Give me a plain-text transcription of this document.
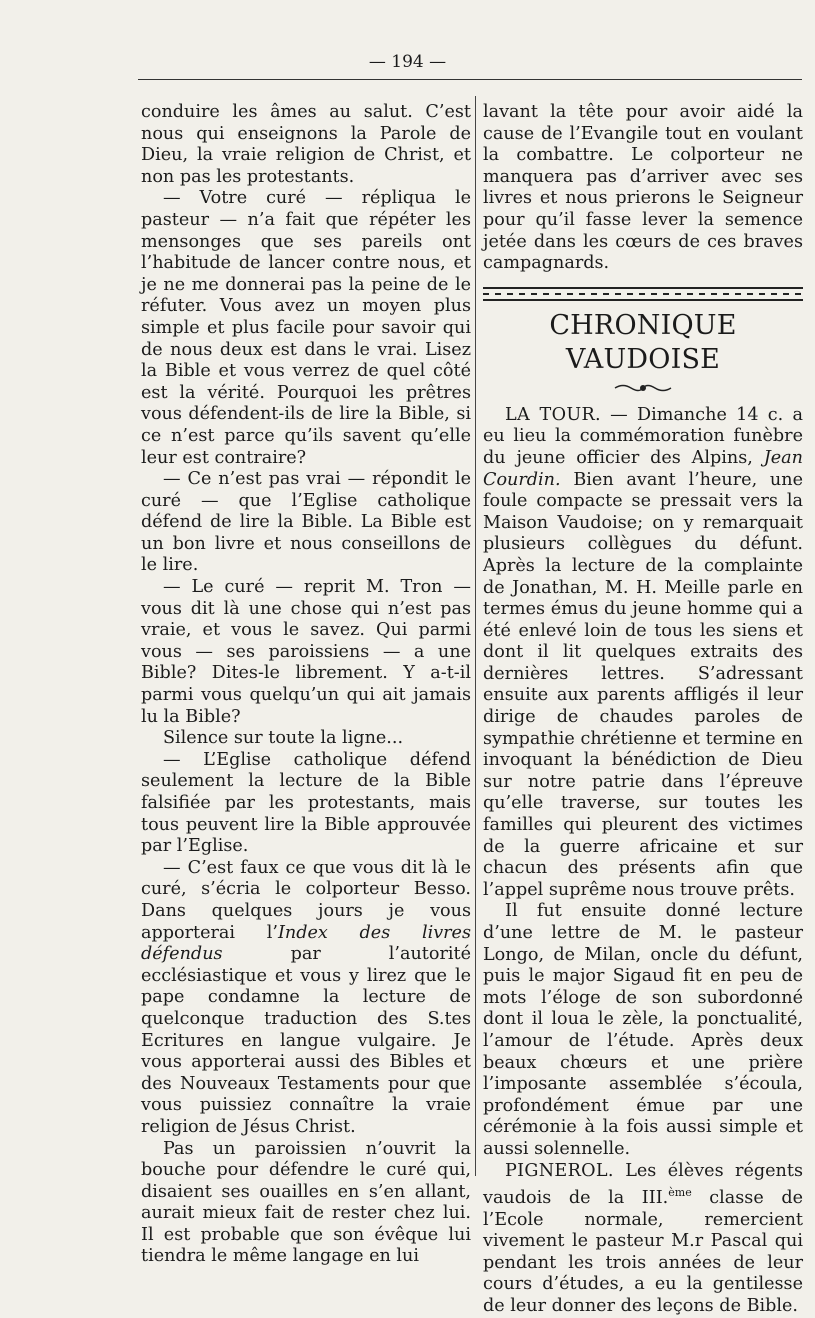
— 194 —

conduire les âmes au salut. C’est nous qui enseignons la Parole de Dieu, la vraie religion de Christ, et non pas les protestants.

— Votre curé — répliqua le pasteur — n’a fait que répéter les mensonges que ses pareils ont l’habitude de lancer contre nous, et je ne me donnerai pas la peine de le réfuter. Vous avez un moyen plus simple et plus facile pour savoir qui de nous deux est dans le vrai. Lisez la Bible et vous verrez de quel côté est la vérité. Pourquoi les prêtres vous défendent-ils de lire la Bible, si ce n’est parce qu’ils savent qu’elle leur est contraire?

— Ce n’est pas vrai — répondit le curé — que l’Eglise catholique défend de lire la Bible. La Bible est un bon livre et nous conseillons de le lire.

— Le curé — reprit M. Tron — vous dit là une chose qui n’est pas vraie, et vous le savez. Qui parmi vous — ses paroissiens — a une Bible? Dites-le librement. Y a-t-il parmi vous quelqu’un qui ait jamais lu la Bible?

Silence sur toute la ligne...

— L’Eglise catholique défend seulement la lecture de la Bible falsifiée par les protestants, mais tous peuvent lire la Bible approuvée par l’Eglise.

— C’est faux ce que vous dit là le curé, s’écria le colporteur Besso. Dans quelques jours je vous apporterai l’Index des livres défendus par l’autorité ecclésiastique et vous y lirez que le pape condamne la lecture de quelconque traduction des S.tes Ecritures en langue vulgaire. Je vous apporterai aussi des Bibles et des Nouveaux Testaments pour que vous puissiez connaître la vraie religion de Jésus Christ.

Pas un paroissien n’ouvrit la bouche pour défendre le curé qui, disaient ses ouailles en s’en allant, aurait mieux fait de rester chez lui. Il est probable que son évêque lui tiendra le même langage en lui

lavant la tête pour avoir aidé la cause de l’Evangile tout en voulant la combattre. Le colporteur ne manquera pas d’arriver avec ses livres et nous prierons le Seigneur pour qu’il fasse lever la semence jetée dans les cœurs de ces braves campagnards.

CHRONIQUE VAUDOISE

LA TOUR. — Dimanche 14 c. a eu lieu la commémoration funèbre du jeune officier des Alpins, Jean Courdin. Bien avant l’heure, une foule compacte se pressait vers la Maison Vaudoise; on y remarquait plusieurs collègues du défunt. Après la lecture de la complainte de Jonathan, M. H. Meille parle en termes émus du jeune homme qui a été enlevé loin de tous les siens et dont il lit quelques extraits des dernières lettres. S’adressant ensuite aux parents affligés il leur dirige de chaudes paroles de sympathie chrétienne et termine en invoquant la bénédiction de Dieu sur notre patrie dans l’épreuve qu’elle traverse, sur toutes les familles qui pleurent des victimes de la guerre africaine et sur chacun des présents afin que l’appel suprême nous trouve prêts.

Il fut ensuite donné lecture d’une lettre de M. le pasteur Longo, de Milan, oncle du défunt, puis le major Sigaud fit en peu de mots l’éloge de son subordonné dont il loua le zèle, la ponctualité, l’amour de l’étude. Après deux beaux chœurs et une prière l’imposante assemblée s’écoula, profondément émue par une cérémonie à la fois aussi simple et aussi solennelle.

PIGNEROL. Les élèves régents vaudois de la III.$^{ème}$ classe de l’Ecole normale, remercient vivement le pasteur M.r Pascal qui pendant les trois années de leur cours d’études, a eu la gentilesse de leur donner des leçons de Bible.
